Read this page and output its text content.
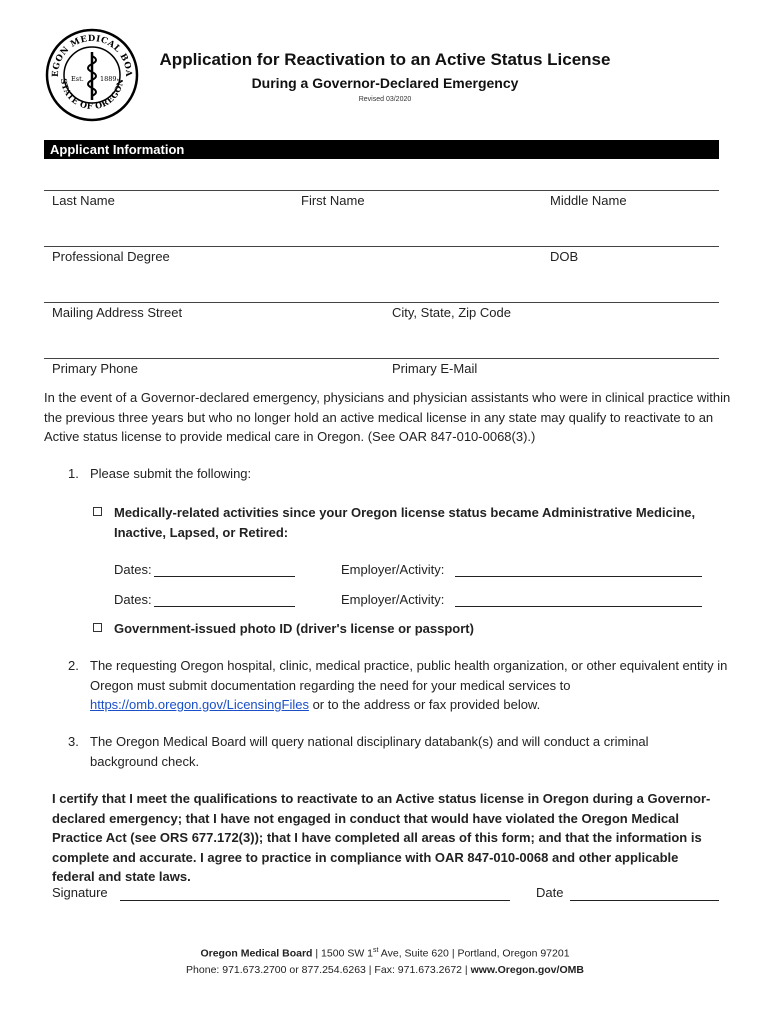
EGON MEDICAL BOA
STATE OF OREGON
Est. 1889
Application for Reactivation to an Active Status License
During a Governor-Declared Emergency
Revised 03/2020
Applicant Information
Last Name	First Name	Middle Name
Professional Degree	DOB
Mailing Address Street	City, State, Zip Code
Primary Phone	Primary E-Mail
In the event of a Governor-declared emergency, physicians and physician assistants who were in clinical practice within the previous three years but who no longer hold an active medical license in any state may qualify to reactivate to an Active status license to provide medical care in Oregon. (See OAR 847-010-0068(3).)
1. Please submit the following:
Medically-related activities since your Oregon license status became Administrative Medicine, Inactive, Lapsed, or Retired:
Dates:	Employer/Activity:
Dates:	Employer/Activity:
Government-issued photo ID (driver's license or passport)
2. The requesting Oregon hospital, clinic, medical practice, public health organization, or other equivalent entity in Oregon must submit documentation regarding the need for your medical services to https://omb.oregon.gov/LicensingFiles or to the address or fax provided below.
3. The Oregon Medical Board will query national disciplinary databank(s) and will conduct a criminal background check.
I certify that I meet the qualifications to reactivate to an Active status license in Oregon during a Governor-declared emergency; that I have not engaged in conduct that would have violated the Oregon Medical Practice Act (see ORS 677.172(3)); that I have completed all areas of this form; and that the information is complete and accurate. I agree to practice in compliance with OAR 847-010-0068 and other applicable federal and state laws.
Signature	Date
Oregon Medical Board | 1500 SW 1st Ave, Suite 620 | Portland, Oregon 97201
Phone: 971.673.2700 or 877.254.6263 | Fax: 971.673.2672 | www.Oregon.gov/OMB
